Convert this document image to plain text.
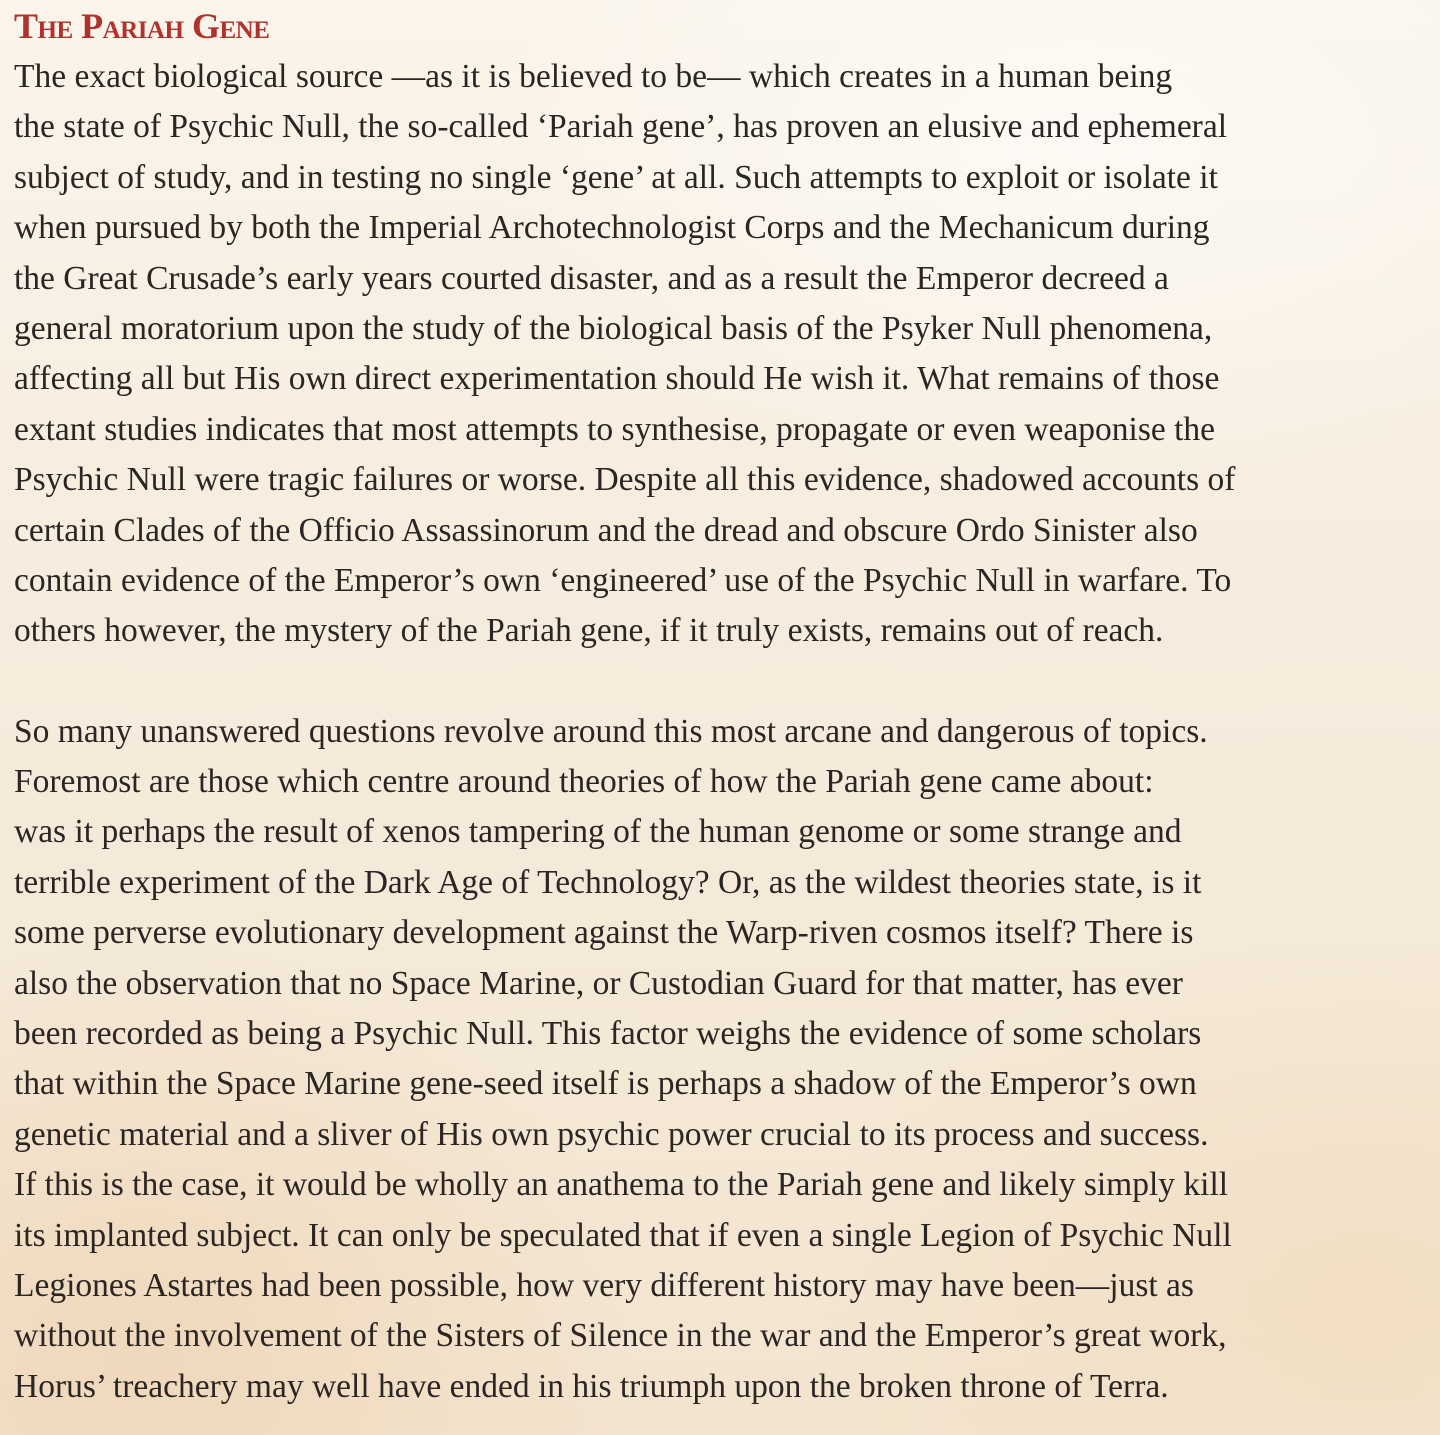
The Pariah Gene
The exact biological source —as it is believed to be— which creates in a human being
the state of Psychic Null, the so-called ‘Pariah gene’, has proven an elusive and ephemeral
subject of study, and in testing no single ‘gene’ at all. Such attempts to exploit or isolate it
when pursued by both the Imperial Archotechnologist Corps and the Mechanicum during
the Great Crusade’s early years courted disaster, and as a result the Emperor decreed a
general moratorium upon the study of the biological basis of the Psyker Null phenomena,
affecting all but His own direct experimentation should He wish it. What remains of those
extant studies indicates that most attempts to synthesise, propagate or even weaponise the
Psychic Null were tragic failures or worse. Despite all this evidence, shadowed accounts of
certain Clades of the Officio Assassinorum and the dread and obscure Ordo Sinister also
contain evidence of the Emperor’s own ‘engineered’ use of the Psychic Null in warfare. To
others however, the mystery of the Pariah gene, if it truly exists, remains out of reach.
So many unanswered questions revolve around this most arcane and dangerous of topics.
Foremost are those which centre around theories of how the Pariah gene came about:
was it perhaps the result of xenos tampering of the human genome or some strange and
terrible experiment of the Dark Age of Technology? Or, as the wildest theories state, is it
some perverse evolutionary development against the Warp-riven cosmos itself? There is
also the observation that no Space Marine, or Custodian Guard for that matter, has ever
been recorded as being a Psychic Null. This factor weighs the evidence of some scholars
that within the Space Marine gene-seed itself is perhaps a shadow of the Emperor’s own
genetic material and a sliver of His own psychic power crucial to its process and success.
If this is the case, it would be wholly an anathema to the Pariah gene and likely simply kill
its implanted subject. It can only be speculated that if even a single Legion of Psychic Null
Legiones Astartes had been possible, how very different history may have been—just as
without the involvement of the Sisters of Silence in the war and the Emperor’s great work,
Horus’ treachery may well have ended in his triumph upon the broken throne of Terra.
